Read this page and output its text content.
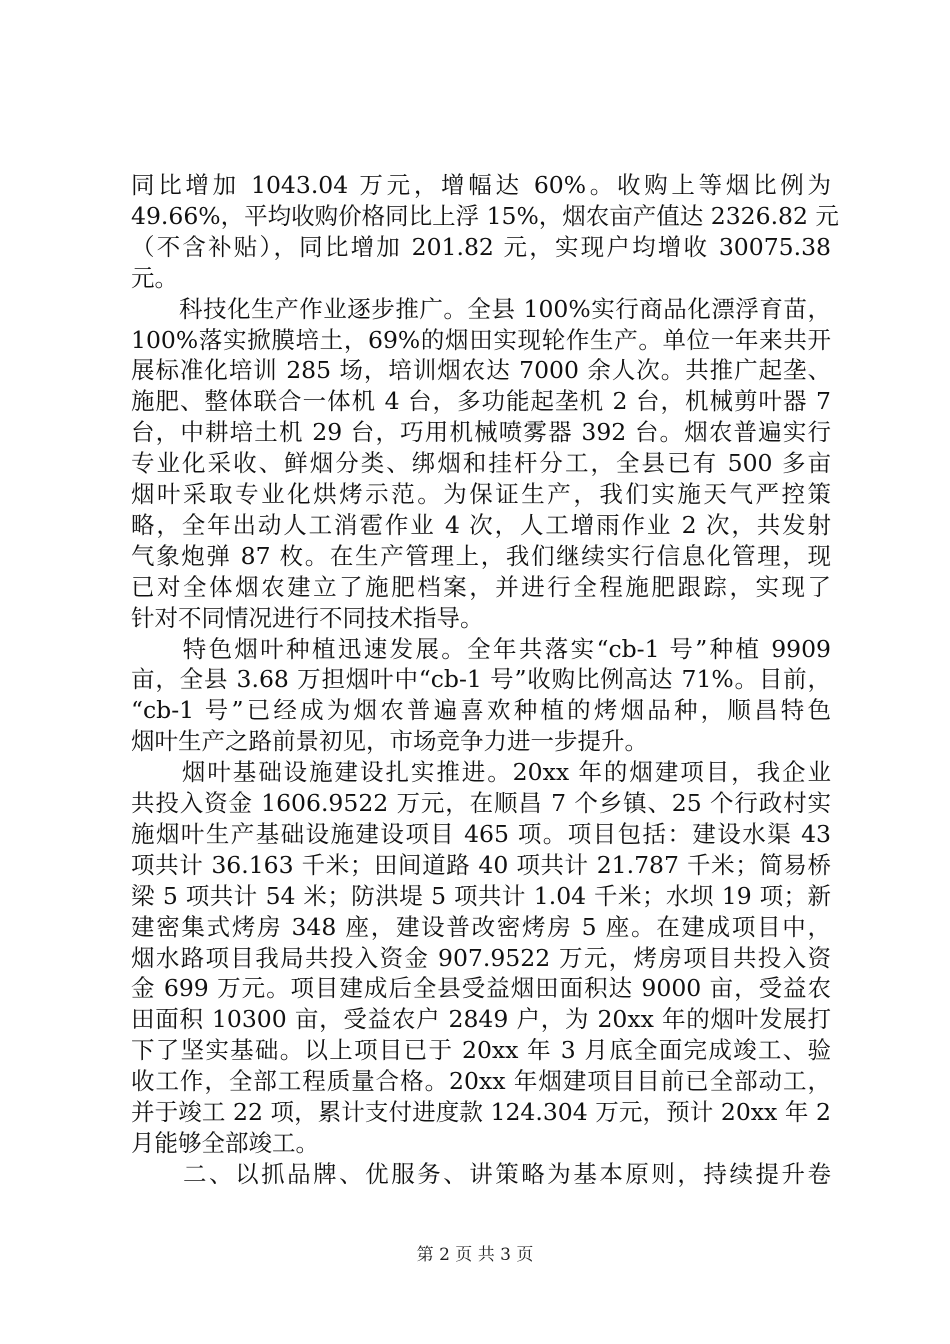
同比增加 1043.04 万元，增幅达 60%。收购上等烟比例为
49.66%，平均收购价格同比上浮 15%，烟农亩产值达 2326.82 元
（不含补贴），同比增加 201.82 元，实现户均增收 30075.38
元。
　　科技化生产作业逐步推广。全县 100%实行商品化漂浮育苗，
100%落实掀膜培土，69%的烟田实现轮作生产。单位一年来共开
展标准化培训 285 场，培训烟农达 7000 余人次。共推广起垄、
施肥、整体联合一体机 4 台，多功能起垄机 2 台，机械剪叶器 7
台，中耕培土机 29 台，巧用机械喷雾器 392 台。烟农普遍实行
专业化采收、鲜烟分类、绑烟和挂杆分工，全县已有 500 多亩
烟叶采取专业化烘烤示范。为保证生产，我们实施天气严控策
略，全年出动人工消雹作业 4 次，人工增雨作业 2 次，共发射
气象炮弹 87 枚。在生产管理上，我们继续实行信息化管理，现
已对全体烟农建立了施肥档案，并进行全程施肥跟踪，实现了
针对不同情况进行不同技术指导。
　　特色烟叶种植迅速发展。全年共落实“cb-1 号”种植 9909
亩，全县 3.68 万担烟叶中“cb-1 号”收购比例高达 71%。目前，
“cb-1 号”已经成为烟农普遍喜欢种植的烤烟品种，顺昌特色
烟叶生产之路前景初见，市场竞争力进一步提升。
　　烟叶基础设施建设扎实推进。20xx 年的烟建项目，我企业
共投入资金 1606.9522 万元，在顺昌 7 个乡镇、25 个行政村实
施烟叶生产基础设施建设项目 465 项。项目包括：建设水渠 43
项共计 36.163 千米；田间道路 40 项共计 21.787 千米；简易桥
梁 5 项共计 54 米；防洪堤 5 项共计 1.04 千米；水坝 19 项；新
建密集式烤房 348 座，建设普改密烤房 5 座。在建成项目中，
烟水路项目我局共投入资金 907.9522 万元，烤房项目共投入资
金 699 万元。项目建成后全县受益烟田面积达 9000 亩，受益农
田面积 10300 亩，受益农户 2849 户，为 20xx 年的烟叶发展打
下了坚实基础。以上项目已于 20xx 年 3 月底全面完成竣工、验
收工作，全部工程质量合格。20xx 年烟建项目目前已全部动工，
并于竣工 22 项，累计支付进度款 124.304 万元，预计 20xx 年 2
第 2 页 共 3 页
月能够全部竣工。
　　二、以抓品牌、优服务、讲策略为基本原则，持续提升卷
